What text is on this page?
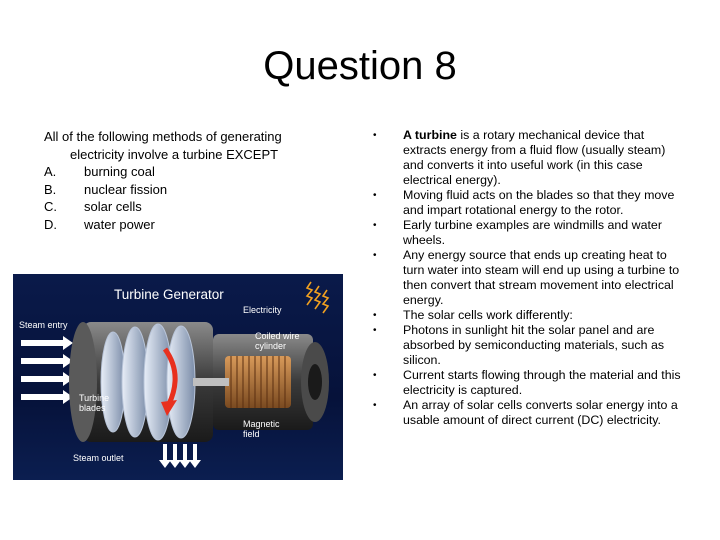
Question 8

All of the following methods of generating
electricity involve a turbine EXCEPT

A.	burning coal
B.	nuclear fission
C.	solar cells
D.	water power
Turbine Generator
Electricity
Steam entry
Coiled wire
cylinder
Turbine
blades
Magnetic
field
Steam outlet

•	A turbine is a rotary mechanical device that extracts energy from a fluid flow (usually steam) and converts it into useful work (in this case electrical energy).

•	Moving fluid acts on the blades so that they move and impart rotational energy to the rotor.

•	Early turbine examples are windmills and water wheels.

•	Any energy source that ends up creating heat to turn water into steam will end up using a turbine to then convert that stream movement into electrical energy.

•	The solar cells work differently:

•	Photons in sunlight hit the solar panel and are absorbed by semiconducting materials, such as silicon.

•	Current starts flowing through the material and this electricity is captured.

•	An array of solar cells converts solar energy into a usable amount of direct current (DC) electricity.
